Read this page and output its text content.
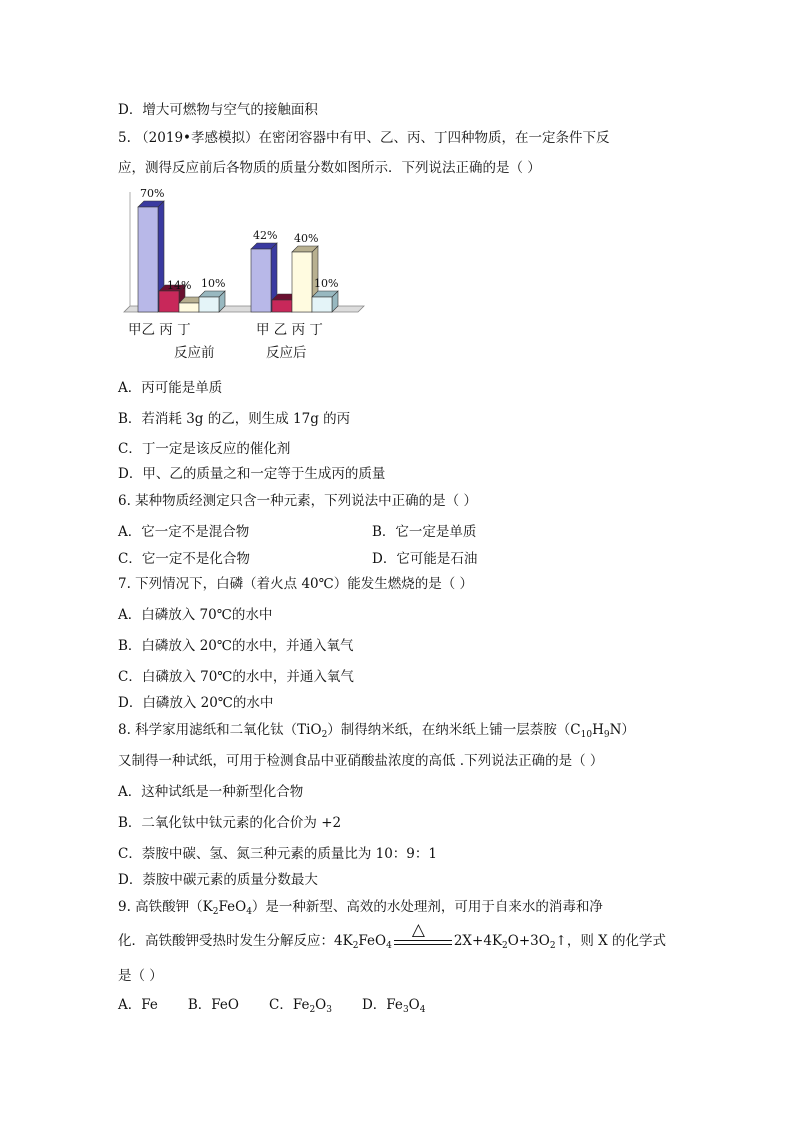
D．增大可燃物与空气的接触面积
5. （2019•孝感模拟）在密闭容器中有甲、乙、丙、丁四种物质，在一定条件下反
应，测得反应前后各物质的质量分数如图所示．下列说法正确的是（ ）
70%
14% 10%
42% 40%
10%
甲乙 丙 丁	甲 乙 丙 丁
反应前	反应后
A．丙可能是单质
B．若消耗 3g 的乙，则生成 17g 的丙
C．丁一定是该反应的催化剂
D．甲、乙的质量之和一定等于生成丙的质量
6. 某种物质经测定只含一种元素，下列说法中正确的是（ ）
A．它一定不是混合物	B．它一定是单质
C．它一定不是化合物	D．它可能是石油
7. 下列情况下，白磷（着火点 40℃）能发生燃烧的是（ ）
A．白磷放入 70℃的水中
B．白磷放入 20℃的水中，并通入氧气
C．白磷放入 70℃的水中，并通入氧气
D．白磷放入 20℃的水中
8. 科学家用滤纸和二氧化钛（TiO$_2$）制得纳米纸，在纳米纸上铺一层萘胺$(C_{10}H_9N)$
又制得一种试纸，可用于检测食品中亚硝酸盐浓度的高低 .下列说法正确的是（ ）
A．这种试纸是一种新型化合物
B．二氧化钛中钛元素的化合价为 +2
C．萘胺中碳、氢、氮三种元素的质量比为 10：9：1
D．萘胺中碳元素的质量分数最大
9. 高铁酸钾$(K_2FeO_4)$是一种新型、高效的水处理剂，可用于自来水的消毒和净
化．高铁酸钾受热时发生分解反应：$4K_2FeO_4$
△
$2X+4K_2O+3O_2↑$，则 X 的化学式
是（ ）
A．Fe B．FeO C．$Fe_2O_3$ D．$Fe_3O_4$
